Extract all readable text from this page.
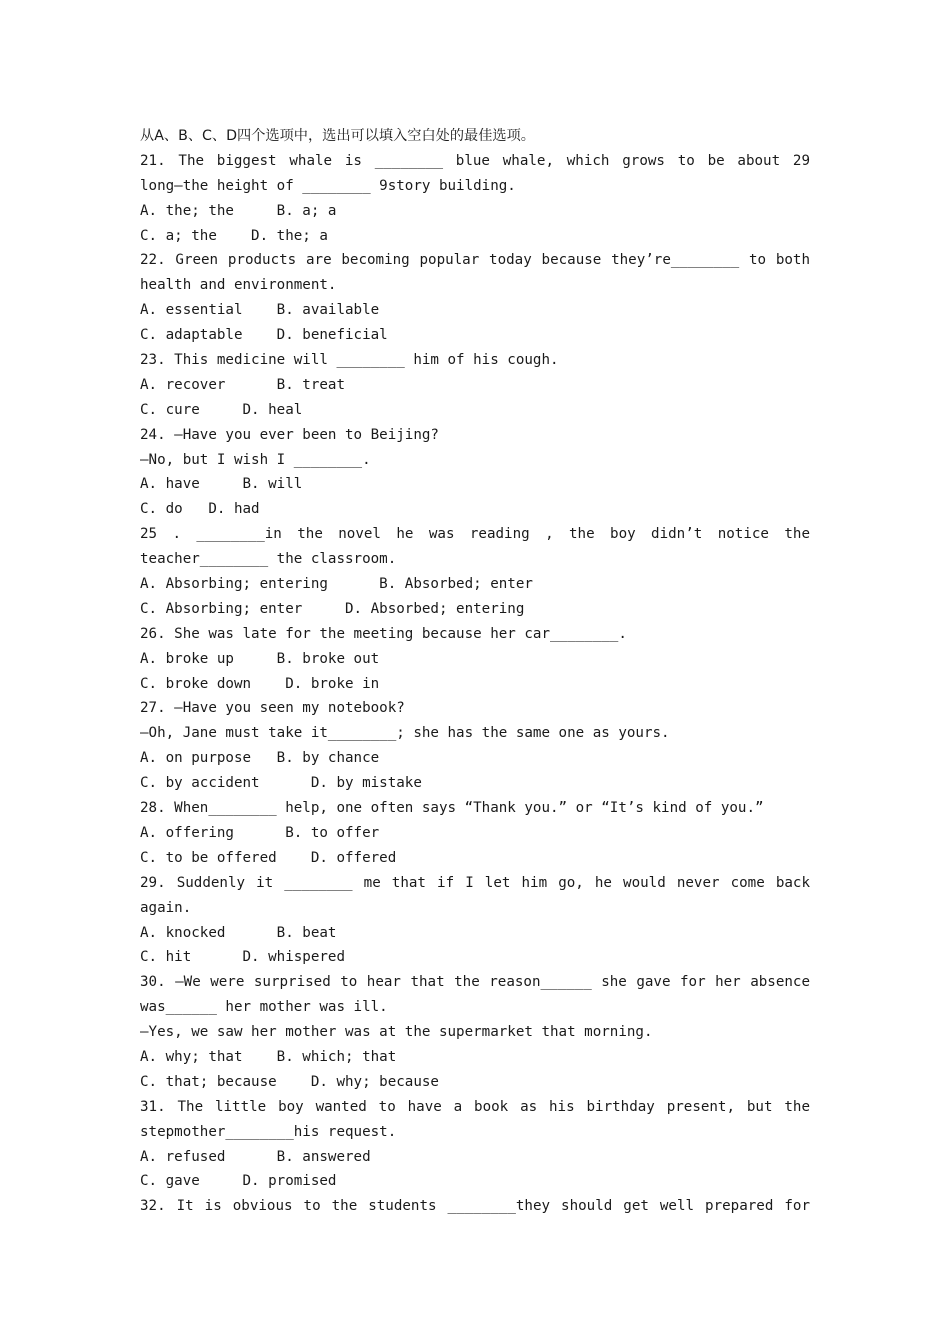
从A、B、C、D四个选项中，选出可以填入空白处的最佳选项。
21. The biggest whale is ________ blue whale, which grows to be about 29
long—the height of ________ 9story building.
A. the; the     B. a; a
C. a; the    D. the; a
22. Green products are becoming popular today because they’re________ to both
health and environment.
A. essential    B. available
C. adaptable    D. beneficial
23. This medicine will ________ him of his cough.
A. recover      B. treat
C. cure     D. heal
24. —Have you ever been to Beijing?
—No, but I wish I ________.
A. have     B. will
C. do   D. had
25 . ________in the novel he was reading , the boy didn’t notice the
teacher________ the classroom.
A. Absorbing; entering      B. Absorbed; enter
C. Absorbing; enter     D. Absorbed; entering
26. She was late for the meeting because her car________.
A. broke up     B. broke out
C. broke down    D. broke in
27. —Have you seen my notebook?
—Oh, Jane must take it________; she has the same one as yours.
A. on purpose   B. by chance
C. by accident      D. by mistake
28. When________ help, one often says “Thank you.” or “It’s kind of you.”
A. offering      B. to offer
C. to be offered    D. offered
29. Suddenly it ________ me that if I let him go, he would never come back
again.
A. knocked      B. beat
C. hit      D. whispered
30. —We were surprised to hear that the reason______ she gave for her absence
was______ her mother was ill.
—Yes, we saw her mother was at the supermarket that morning.
A. why; that    B. which; that
C. that; because    D. why; because
31. The little boy wanted to have a book as his birthday present, but the
stepmother________his request.
A. refused      B. answered
C. gave     D. promised
32. It is obvious to the students ________they should get well prepared for
